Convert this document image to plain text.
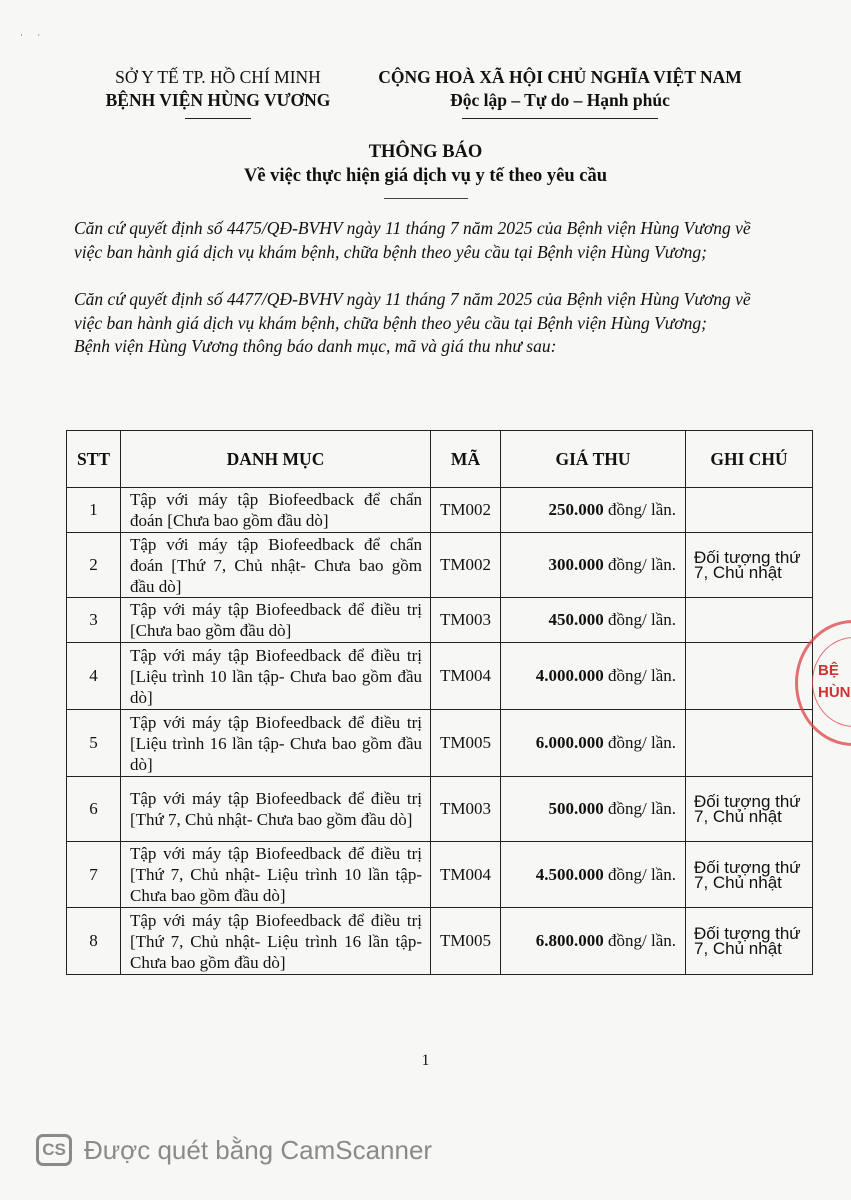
· ·
SỞ Y TẾ TP. HỒ CHÍ MINH
BỆNH VIỆN HÙNG VƯƠNG
CỘNG HOÀ XÃ HỘI CHỦ NGHĨA VIỆT NAM
Độc lập – Tự do – Hạnh phúc
THÔNG BÁO
Về việc thực hiện giá dịch vụ y tế theo yêu cầu

Căn cứ quyết định số 4475/QĐ-BVHV ngày 11 tháng 7 năm 2025 của Bệnh viện Hùng Vương về việc ban hành giá dịch vụ khám bệnh, chữa bệnh theo yêu cầu tại Bệnh viện Hùng Vương;

Căn cứ quyết định số 4477/QĐ-BVHV ngày 11 tháng 7 năm 2025 của Bệnh viện Hùng Vương về việc ban hành giá dịch vụ khám bệnh, chữa bệnh theo yêu cầu tại Bệnh viện Hùng Vương;

Bệnh viện Hùng Vương thông báo danh mục, mã và giá thu như sau:

STT	DANH MỤC	MÃ	GIÁ THU	GHI CHÚ
1	Tập với máy tập Biofeedback để chẩn đoán [Chưa bao gồm đầu dò]	TM002	250.000 đồng/ lần.	
2	Tập với máy tập Biofeedback để chẩn đoán [Thứ 7, Chủ nhật- Chưa bao gồm đầu dò]	TM002	300.000 đồng/ lần.	Đối tượng thứ 7, Chủ nhật
3	Tập với máy tập Biofeedback để điều trị [Chưa bao gồm đầu dò]	TM003	450.000 đồng/ lần.	
4	Tập với máy tập Biofeedback để điều trị [Liệu trình 10 lần tập- Chưa bao gồm đầu dò]	TM004	4.000.000 đồng/ lần.	
5	Tập với máy tập Biofeedback để điều trị [Liệu trình 16 lần tập- Chưa bao gồm đầu dò]	TM005	6.000.000 đồng/ lần.	
6	Tập với máy tập Biofeedback để điều trị [Thứ 7, Chủ nhật- Chưa bao gồm đầu dò]	TM003	500.000 đồng/ lần.	Đối tượng thứ 7, Chủ nhật
7	Tập với máy tập Biofeedback để điều trị [Thứ 7, Chủ nhật- Liệu trình 10 lần tập- Chưa bao gồm đầu dò]	TM004	4.500.000 đồng/ lần.	Đối tượng thứ 7, Chủ nhật
8	Tập với máy tập Biofeedback để điều trị [Thứ 7, Chủ nhật- Liệu trình 16 lần tập- Chưa bao gồm đầu dò]	TM005	6.800.000 đồng/ lần.	Đối tượng thứ 7, Chủ nhật
BỆ HÙN
1
CS Được quét bằng CamScanner
